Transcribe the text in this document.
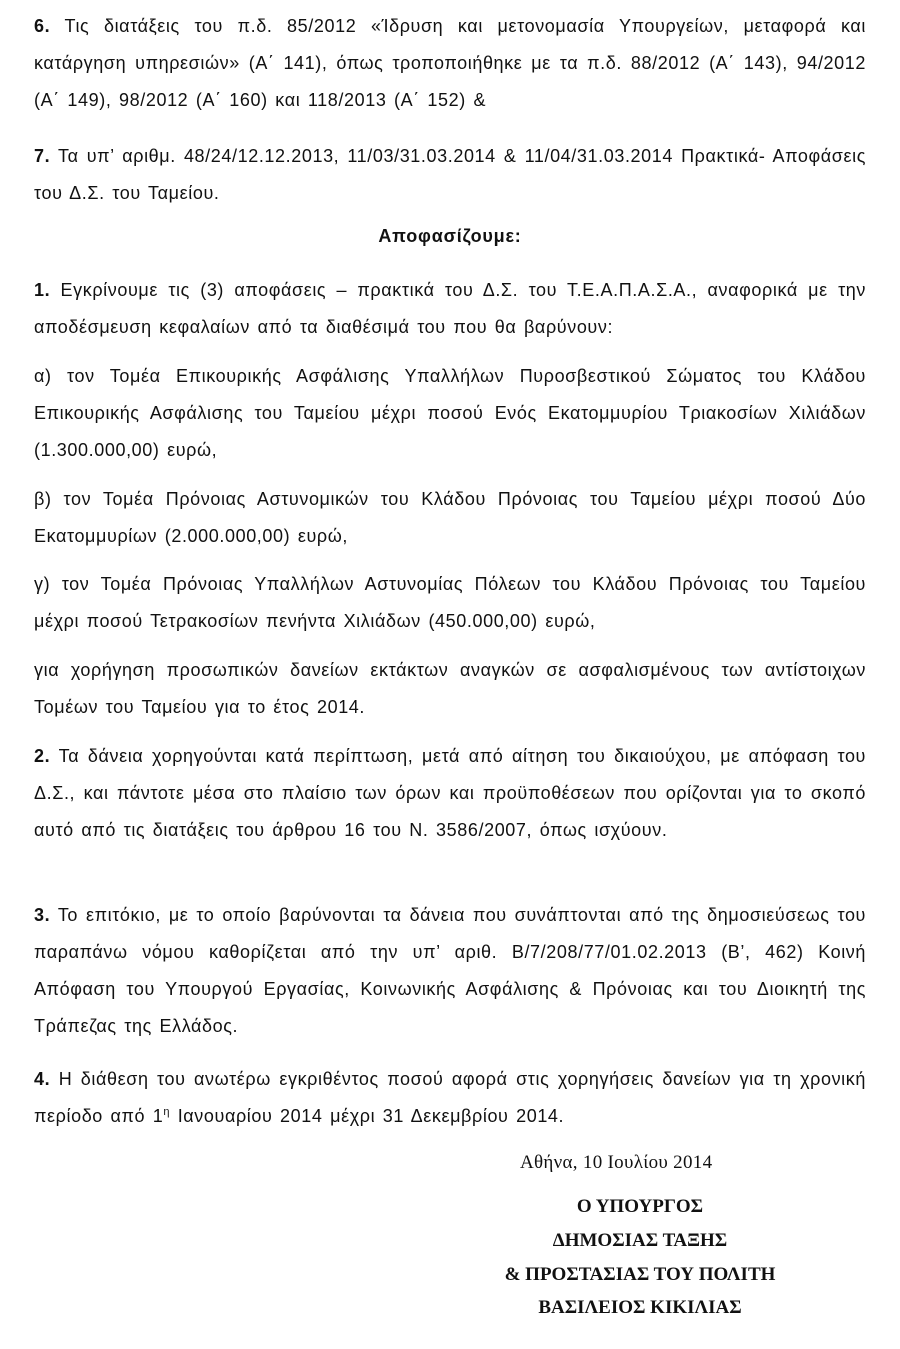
6. Τις διατάξεις του π.δ. 85/2012 «Ίδρυση και μετονομασία Υπουργείων, μεταφορά και κατάργηση υπηρεσιών» (Α΄ 141), όπως τροποποιήθηκε με τα π.δ. 88/2012 (Α΄ 143), 94/2012 (Α΄ 149), 98/2012 (Α΄ 160) και 118/2013 (Α΄ 152) &
7. Τα υπ’ αριθμ. 48/24/12.12.2013, 11/03/31.03.2014 & 11/04/31.03.2014 Πρακτικά- Αποφάσεις του Δ.Σ. του Ταμείου.
Αποφασίζουμε:
1. Εγκρίνουμε τις (3) αποφάσεις – πρακτικά του Δ.Σ. του Τ.Ε.Α.Π.Α.Σ.Α., αναφορικά με την αποδέσμευση κεφαλαίων από τα διαθέσιμά του που θα βαρύνουν:
α) τον Τομέα Επικουρικής Ασφάλισης Υπαλλήλων Πυροσβεστικού Σώματος του Κλάδου Επικουρικής Ασφάλισης του Ταμείου μέχρι ποσού Ενός Εκατομμυρίου Τριακοσίων Χιλιάδων (1.300.000,00) ευρώ,
β) τον Τομέα Πρόνοιας Αστυνομικών του Κλάδου Πρόνοιας του Ταμείου μέχρι ποσού Δύο Εκατομμυρίων (2.000.000,00) ευρώ,
γ) τον Τομέα Πρόνοιας Υπαλλήλων Αστυνομίας Πόλεων του Κλάδου Πρόνοιας του Ταμείου μέχρι ποσού Τετρακοσίων πενήντα Χιλιάδων (450.000,00) ευρώ,
για χορήγηση προσωπικών δανείων εκτάκτων αναγκών σε ασφαλισμένους των αντίστοιχων Τομέων του Ταμείου για το έτος 2014.
2. Τα δάνεια χορηγούνται κατά περίπτωση, μετά από αίτηση του δικαιούχου, με απόφαση του Δ.Σ., και πάντοτε μέσα στο πλαίσιο των όρων και προϋποθέσεων που ορίζονται για το σκοπό αυτό από τις διατάξεις του άρθρου 16 του Ν. 3586/2007, όπως ισχύουν.
3. Το επιτόκιο, με το οποίο βαρύνονται τα δάνεια που συνάπτονται από της δημοσιεύσεως του παραπάνω νόμου καθορίζεται από την υπ’ αριθ. Β/7/208/77/01.02.2013 (Β’, 462) Κοινή Απόφαση του Υπουργού Εργασίας, Κοινωνικής Ασφάλισης & Πρόνοιας και του Διοικητή της Τράπεζας της Ελλάδος.
4. Η διάθεση του ανωτέρω εγκριθέντος ποσού αφορά στις χορηγήσεις δανείων για τη χρονική περίοδο από $1^\eta$ Ιανουαρίου 2014 μέχρι 31 Δεκεμβρίου 2014.
Αθήνα, 10 Ιουλίου 2014
Ο ΥΠΟΥΡΓΟΣ
ΔΗΜΟΣΙΑΣ ΤΑΞΗΣ
& ΠΡΟΣΤΑΣΙΑΣ ΤΟΥ ΠΟΛΙΤΗ
ΒΑΣΙΛΕΙΟΣ ΚΙΚΙΛΙΑΣ
